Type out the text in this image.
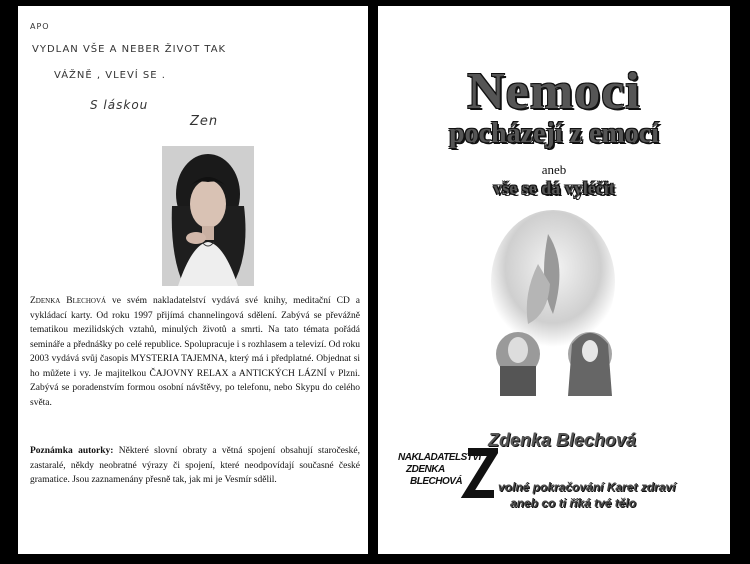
APO
VYDLAN VŠE A NEBER ŽIVOT TAK
VÁŽNĚ , VLEVÍ SE .
S láskou
Zen
Zdenka Blechová ve svém nakladatelství vydává své knihy, meditační CD a vykládací karty. Od roku 1997 přijímá channelingová sdělení. Zabývá se převážně tematikou mezilidských vztahů, minulých životů a smrti. Na tato témata pořádá semináře a přednášky po celé republice. Spolupracuje i s rozhlasem a televizí. Od roku 2003 vydává svůj časopis MYSTERIA TAJEMNA, který má i předplatné. Objednat si ho můžete i vy. Je majitelkou ČAJOVNY RELAX a ANTICKÝCH LÁZNÍ v Plzni. Zabývá se poradenstvím formou osobní návštěvy, po telefonu, nebo Skypu do celého světa.
Poznámka autorky: Některé slovní obraty a větná spojení obsahují staročeské, zastaralé, někdy neobratné výrazy či spojení, které neodpovídají současné české gramatice. Jsou zaznamenány přesně tak, jak mi je Vesmír sdělil.
Nemoci
pocházejí z emocí
aneb
vše se dá vyléčit
NAKLADATELSTVÍ
ZDENKA
BLECHOVÁ
Zdenka Blechová
volné pokračování Karet zdraví
aneb co ti říká tvé tělo
